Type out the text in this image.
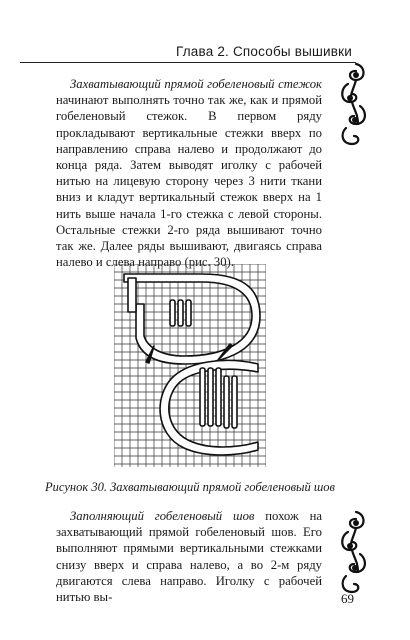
Глава 2. Способы вышивки

Захватывающий прямой гобеленовый стежок начинают выполнять точно так же, как и прямой гобеленовый стежок. В первом ряду прокладывают вертикальные стежки вверх по направлению справа налево и продолжают до конца ряда. Затем выводят иголку с рабочей нитью на лицевую сторону через 3 нити ткани вниз и кладут вертикальный стежок вверх на 1 нить выше начала 1-го стежка с левой стороны. Остальные стежки 2-го ряда вышивают точно так же. Далее ряды вышивают, двигаясь справа налево и слева направо (рис. 30).

Рисунок 30. Захватывающий прямой гобеленовый шов

Заполняющий гобеленовый шов похож на захватывающий прямой гобеленовый шов. Его выполняют прямыми вертикальными стежками снизу вверх и справа налево, а во 2-м ряду двигаются слева направо. Иголку с рабочей нитью вы-	69
